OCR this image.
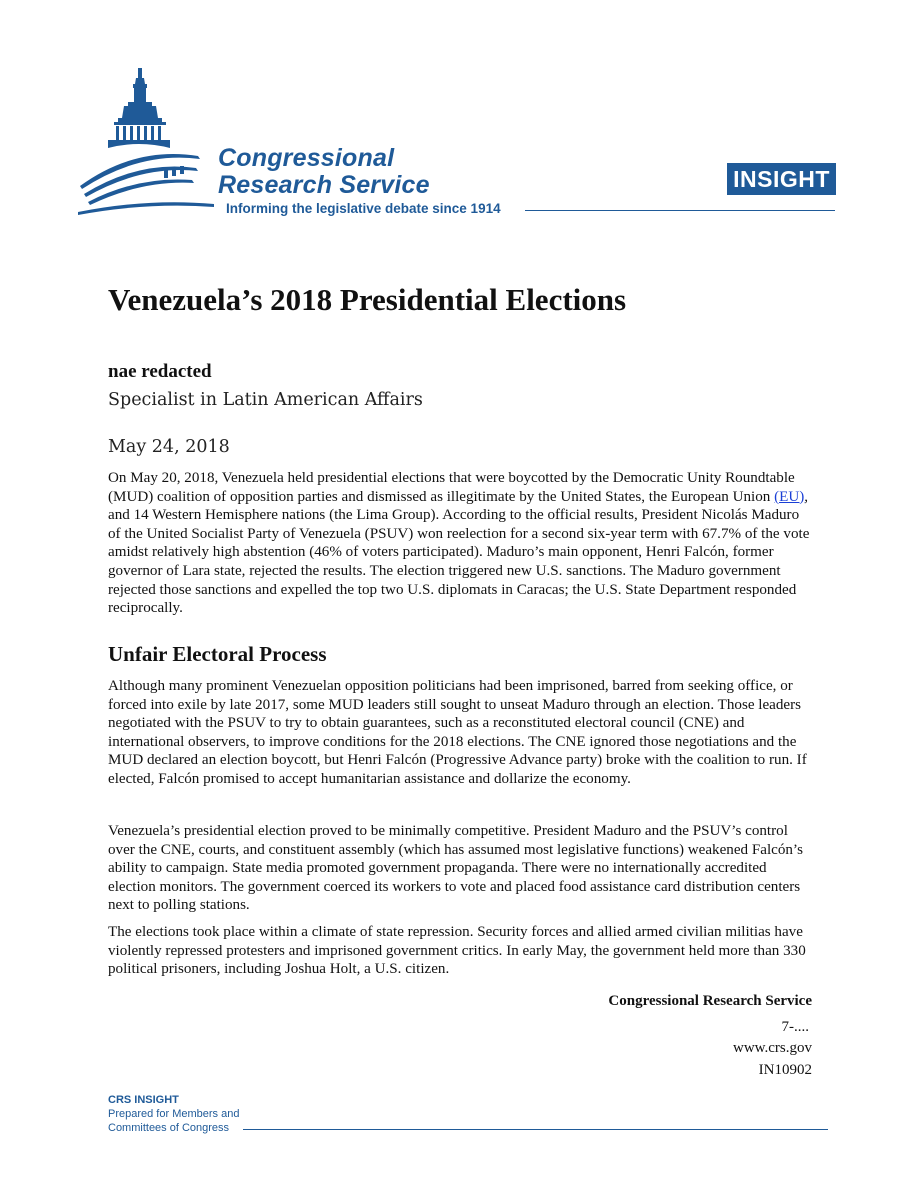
Congressional
Research Service
Informing the legislative debate since 1914
INSIGHT
Venezuela’s 2018 Presidential Elections
nae redacted
Specialist in Latin American Affairs
May 24, 2018

On May 20, 2018, Venezuela held presidential elections that were boycotted by the Democratic Unity Roundtable (MUD) coalition of opposition parties and dismissed as illegitimate by the United States, the European Union (EU), and 14 Western Hemisphere nations (the Lima Group). According to the official results, President Nicolás Maduro of the United Socialist Party of Venezuela (PSUV) won reelection for a second six-year term with 67.7% of the vote amidst relatively high abstention (46% of voters participated). Maduro’s main opponent, Henri Falcón, former governor of Lara state, rejected the results. The election triggered new U.S. sanctions. The Maduro government rejected those sanctions and expelled the top two U.S. diplomats in Caracas; the U.S. State Department responded reciprocally.

Unfair Electoral Process

Although many prominent Venezuelan opposition politicians had been imprisoned, barred from seeking office, or forced into exile by late 2017, some MUD leaders still sought to unseat Maduro through an election. Those leaders negotiated with the PSUV to try to obtain guarantees, such as a reconstituted electoral council (CNE) and international observers, to improve conditions for the 2018 elections. The CNE ignored those negotiations and the MUD declared an election boycott, but Henri Falcón (Progressive Advance party) broke with the coalition to run. If elected, Falcón promised to accept humanitarian assistance and dollarize the economy.

Venezuela’s presidential election proved to be minimally competitive. President Maduro and the PSUV’s control over the CNE, courts, and constituent assembly (which has assumed most legislative functions) weakened Falcón’s ability to campaign. State media promoted government propaganda. There were no internationally accredited election monitors. The government coerced its workers to vote and placed food assistance card distribution centers next to polling stations.

The elections took place within a climate of state repression. Security forces and allied armed civilian militias have violently repressed protesters and imprisoned government critics. In early May, the government held more than 330 political prisoners, including Joshua Holt, a U.S. citizen.

Congressional Research Service
7-....
www.crs.gov
IN10902
CRS INSIGHT
Prepared for Members and
Committees of Congress
